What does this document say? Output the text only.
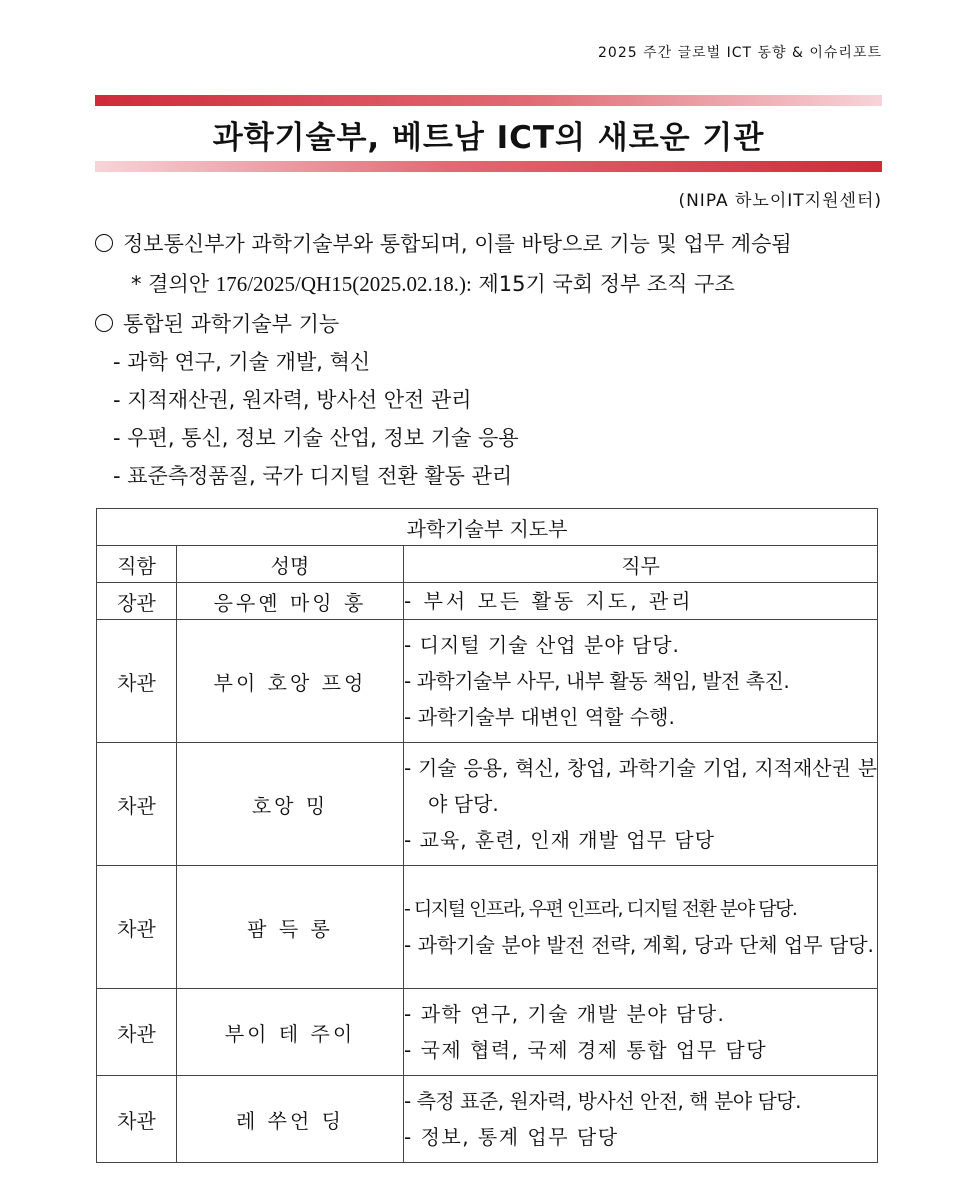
2025 주간 글로벌 ICT 동향 & 이슈리포트
과학기술부, 베트남 ICT의 새로운 기관
(NIPA 하노이IT지원센터)
정보통신부가 과학기술부와 통합되며, 이를 바탕으로 기능 및 업무 계승됨
* 결의안 176/2025/QH15(2025.02.18.): 제15기 국회 정부 조직 구조
통합된 과학기술부 기능
- 과학 연구, 기술 개발, 혁신
- 지적재산권, 원자력, 방사선 안전 관리
- 우편, 통신, 정보 기술 산업, 정보 기술 응용
- 표준측정품질, 국가 디지털 전환 활동 관리
과학기술부 지도부		
직함	성명	직무
장관	응우옌 마잉 훙	- 부서 모든 활동 지도, 관리

차관	부이 호앙 프엉	- 디지털 기술 산업 분야 담당.
- 과학기술부 사무, 내부 활동 책임, 발전 촉진.
- 과학기술부 대변인 역할 수행.

차관	호앙 밍	- 기술 응용, 혁신, 창업, 과학기술 기업, 지적재산권 분야 담당.
- 교육, 훈련, 인재 개발 업무 담당

차관	팜 득 롱	- 디지털 인프라, 우편 인프라, 디지털 전환 분야 담당.
- 과학기술 분야 발전 전략, 계획, 당과 단체 업무 담당.

차관	부이 테 주이	- 과학 연구, 기술 개발 분야 담당.
- 국제 협력, 국제 경제 통합 업무 담당

차관	레 쑤언 딩	- 측정 표준, 원자력, 방사선 안전, 핵 분야 담당.
- 정보, 통계 업무 담당
